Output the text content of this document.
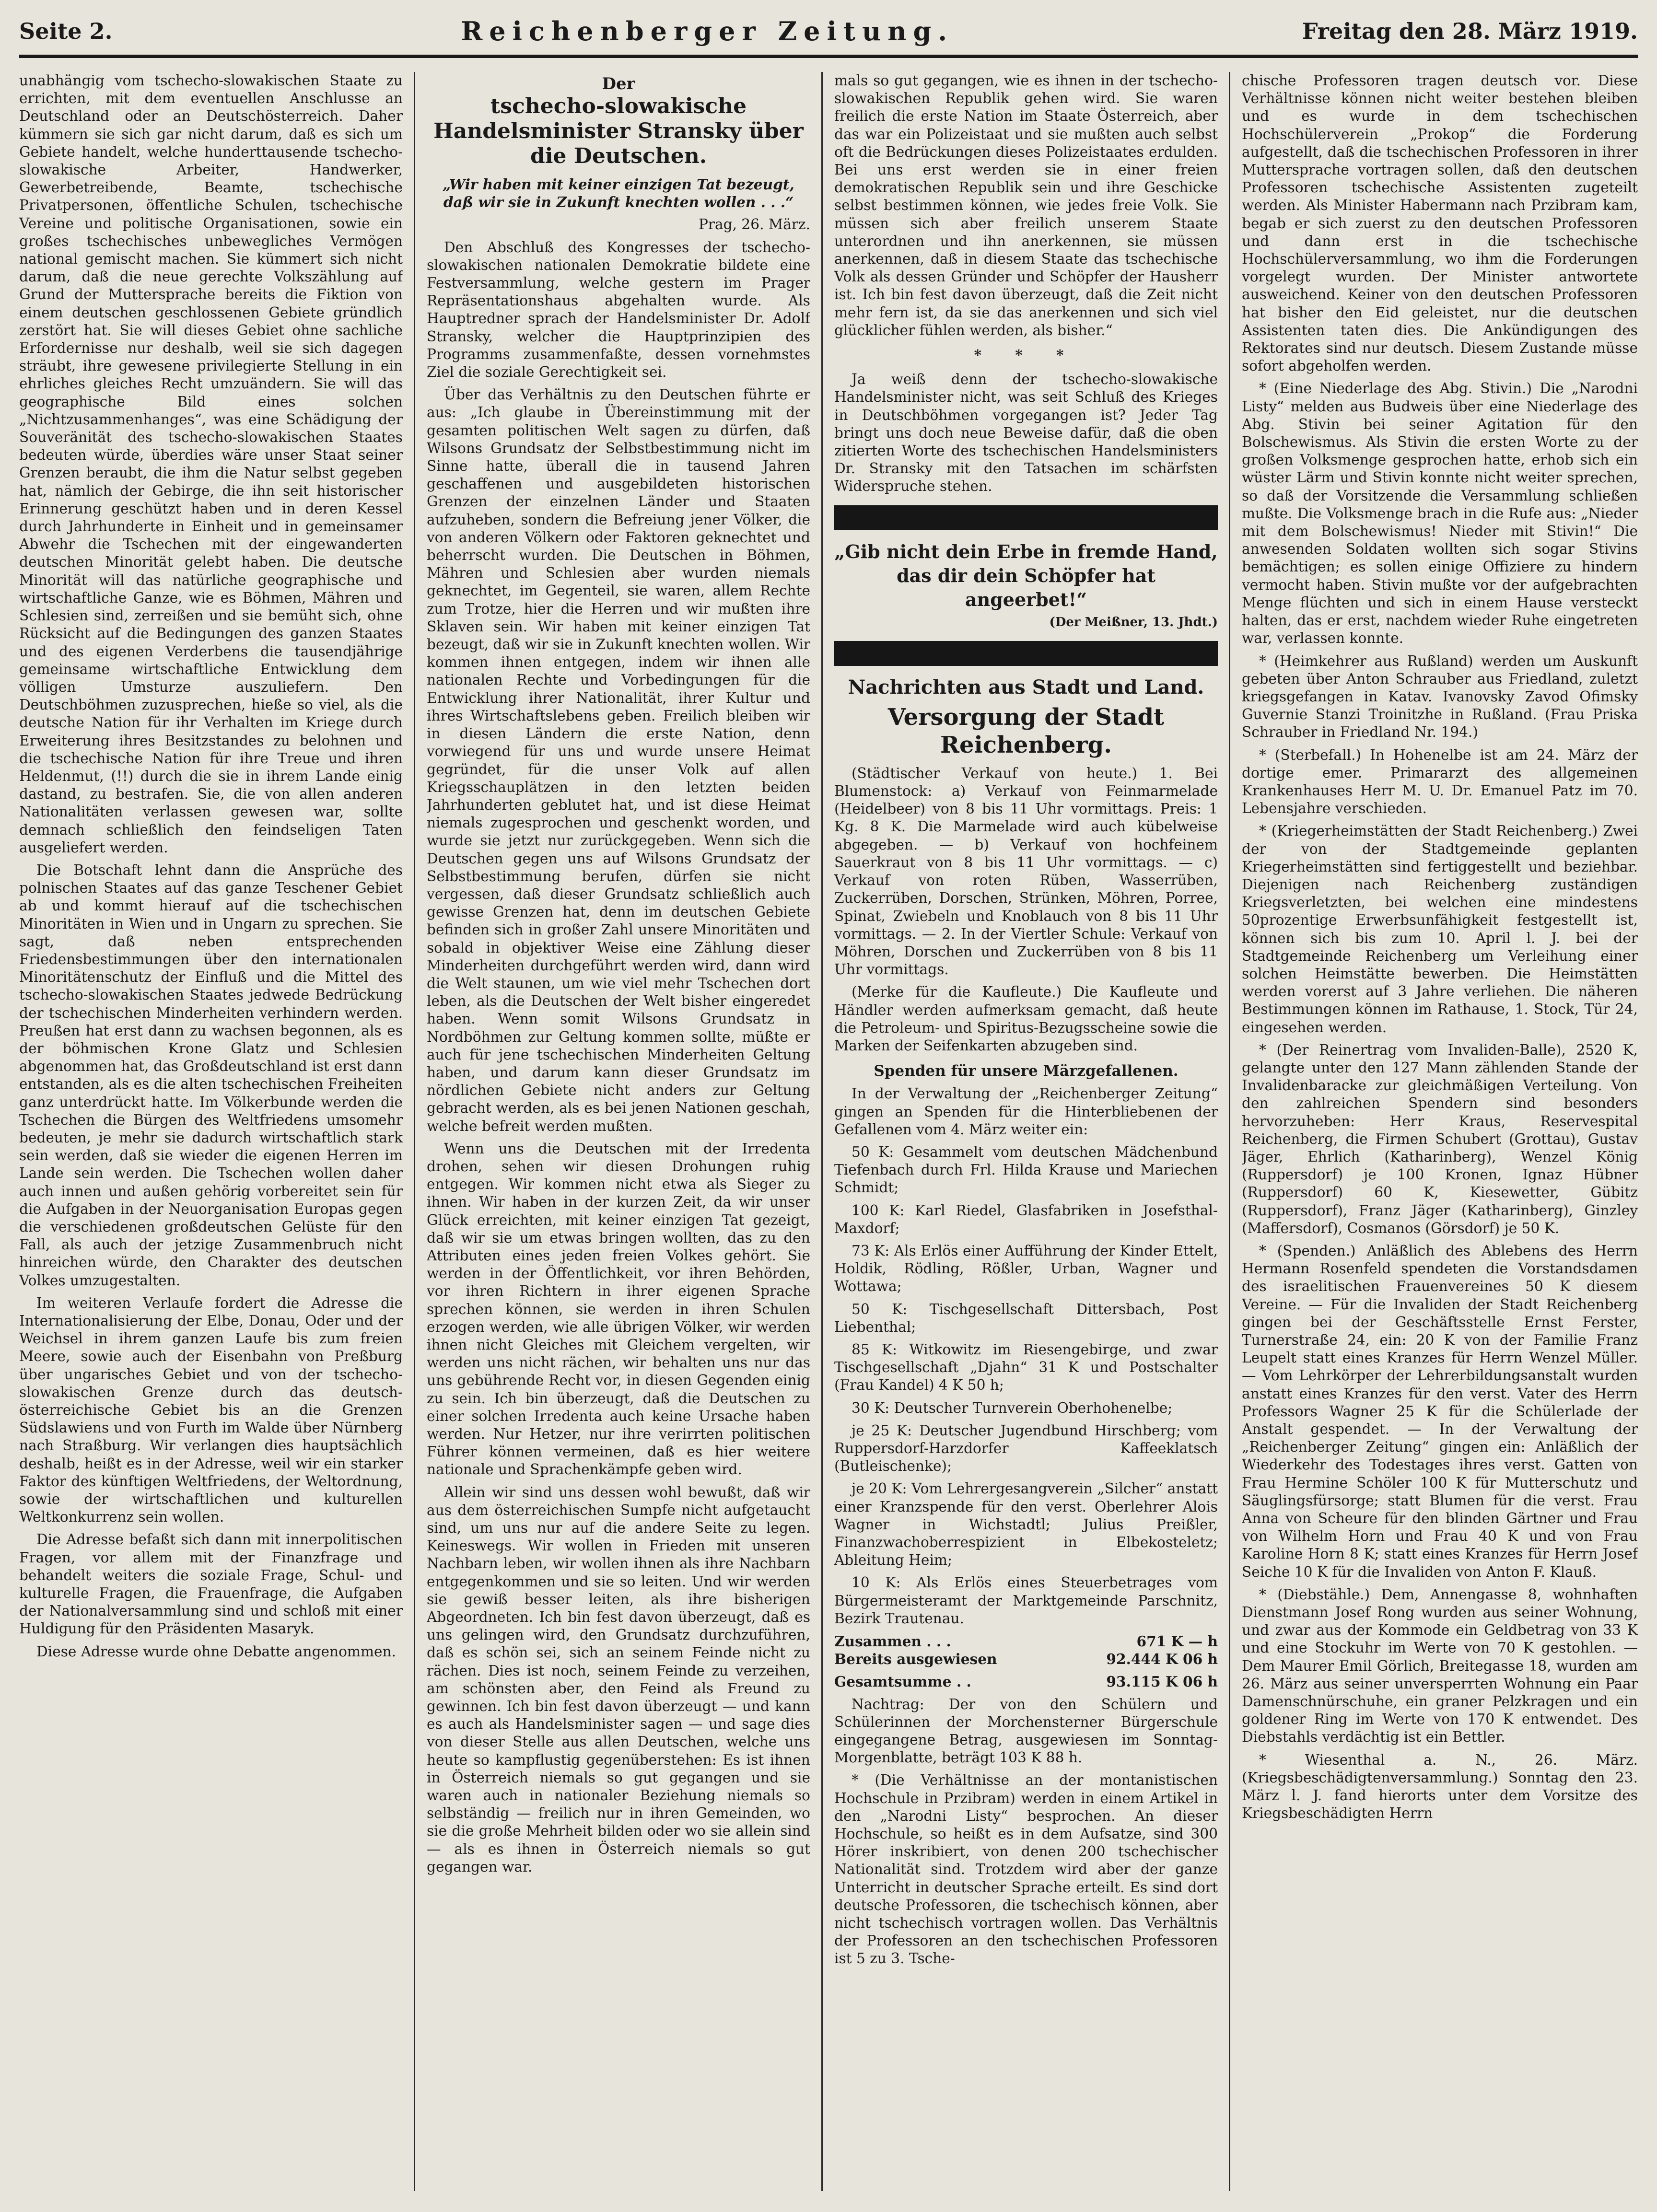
Seite 2.	Reichenberger Zeitung.	Freitag den 28. März 1919.

unabhängig vom tschecho-slowakischen Staate zu errichten, mit dem eventuellen Anschlusse an Deutschland oder an Deutschösterreich. Daher kümmern sie sich gar nicht darum, daß es sich um Gebiete handelt, welche hunderttausende tschecho-slowakische Arbeiter, Handwerker, Gewerbetreibende, Beamte, tschechische Privatpersonen, öffentliche Schulen, tschechische Vereine und politische Organisationen, sowie ein großes tschechisches unbewegliches Vermögen national gemischt machen. Sie kümmert sich nicht darum, daß die neue gerechte Volkszählung auf Grund der Muttersprache bereits die Fiktion von einem deutschen geschlossenen Gebiete gründlich zerstört hat. Sie will dieses Gebiet ohne sachliche Erfordernisse nur deshalb, weil sie sich dagegen sträubt, ihre gewesene privilegierte Stellung in ein ehrliches gleiches Recht umzuändern. Sie will das geographische Bild eines solchen „Nichtzusammenhanges“, was eine Schädigung der Souveränität des tschecho-slowakischen Staates bedeuten würde, überdies wäre unser Staat seiner Grenzen beraubt, die ihm die Natur selbst gegeben hat, nämlich der Gebirge, die ihn seit historischer Erinnerung geschützt haben und in deren Kessel durch Jahrhunderte in Einheit und in gemeinsamer Abwehr die Tschechen mit der eingewanderten deutschen Minorität gelebt haben. Die deutsche Minorität will das natürliche geographische und wirtschaftliche Ganze, wie es Böhmen, Mähren und Schlesien sind, zerreißen und sie bemüht sich, ohne Rücksicht auf die Bedingungen des ganzen Staates und des eigenen Verderbens die tausendjährige gemeinsame wirtschaftliche Entwicklung dem völligen Umsturze auszuliefern. Den Deutschböhmen zuzusprechen, hieße so viel, als die deutsche Nation für ihr Verhalten im Kriege durch Erweiterung ihres Besitzstandes zu belohnen und die tschechische Nation für ihre Treue und ihren Heldenmut, (!!) durch die sie in ihrem Lande einig dastand, zu bestrafen. Sie, die von allen anderen Nationalitäten verlassen gewesen war, sollte demnach schließlich den feindseligen Taten ausgeliefert werden.

Die Botschaft lehnt dann die Ansprüche des polnischen Staates auf das ganze Teschener Gebiet ab und kommt hierauf auf die tschechischen Minoritäten in Wien und in Ungarn zu sprechen. Sie sagt, daß neben entsprechenden Friedensbestimmungen über den internationalen Minoritätenschutz der Einfluß und die Mittel des tschecho-slowakischen Staates jedwede Bedrückung der tschechischen Minderheiten verhindern werden. Preußen hat erst dann zu wachsen begonnen, als es der böhmischen Krone Glatz und Schlesien abgenommen hat, das Großdeutschland ist erst dann entstanden, als es die alten tschechischen Freiheiten ganz unterdrückt hatte. Im Völkerbunde werden die Tschechen die Bürgen des Weltfriedens umsomehr bedeuten, je mehr sie dadurch wirtschaftlich stark sein werden, daß sie wieder die eigenen Herren im Lande sein werden. Die Tschechen wollen daher auch innen und außen gehörig vorbereitet sein für die Aufgaben in der Neuorganisation Europas gegen die verschiedenen großdeutschen Gelüste für den Fall, als auch der jetzige Zusammenbruch nicht hinreichen würde, den Charakter des deutschen Volkes umzugestalten.

Im weiteren Verlaufe fordert die Adresse die Internationalisierung der Elbe, Donau, Oder und der Weichsel in ihrem ganzen Laufe bis zum freien Meere, sowie auch der Eisenbahn von Preßburg über ungarisches Gebiet und von der tschecho-slowakischen Grenze durch das deutsch-österreichische Gebiet bis an die Grenzen Südslawiens und von Furth im Walde über Nürnberg nach Straßburg. Wir verlangen dies hauptsächlich deshalb, heißt es in der Adresse, weil wir ein starker Faktor des künftigen Weltfriedens, der Weltordnung, sowie der wirtschaftlichen und kulturellen Weltkonkurrenz sein wollen.

Die Adresse befaßt sich dann mit innerpolitischen Fragen, vor allem mit der Finanzfrage und behandelt weiters die soziale Frage, Schul- und kulturelle Fragen, die Frauenfrage, die Aufgaben der Nationalversammlung sind und schloß mit einer Huldigung für den Präsidenten Masaryk.

Diese Adresse wurde ohne Debatte angenommen.

Der
tschecho-slowakische Handelsminister Stransky über die Deutschen.

„Wir haben mit keiner einzigen Tat bezeugt, daß wir sie in Zukunft knechten wollen . . .“

Prag, 26. März.

Den Abschluß des Kongresses der tschecho-slowakischen nationalen Demokratie bildete eine Festversammlung, welche gestern im Prager Repräsentationshaus abgehalten wurde. Als Hauptredner sprach der Handelsminister Dr. Adolf Stransky, welcher die Hauptprinzipien des Programms zusammenfaßte, dessen vornehmstes Ziel die soziale Gerechtigkeit sei.

Über das Verhältnis zu den Deutschen führte er aus: „Ich glaube in Übereinstimmung mit der gesamten politischen Welt sagen zu dürfen, daß Wilsons Grundsatz der Selbstbestimmung nicht im Sinne hatte, überall die in tausend Jahren geschaffenen und ausgebildeten historischen Grenzen der einzelnen Länder und Staaten aufzuheben, sondern die Befreiung jener Völker, die von anderen Völkern oder Faktoren geknechtet und beherrscht wurden. Die Deutschen in Böhmen, Mähren und Schlesien aber wurden niemals geknechtet, im Gegenteil, sie waren, allem Rechte zum Trotze, hier die Herren und wir mußten ihre Sklaven sein. Wir haben mit keiner einzigen Tat bezeugt, daß wir sie in Zukunft knechten wollen. Wir kommen ihnen entgegen, indem wir ihnen alle nationalen Rechte und Vorbedingungen für die Entwicklung ihrer Nationalität, ihrer Kultur und ihres Wirtschaftslebens geben. Freilich bleiben wir in diesen Ländern die erste Nation, denn vorwiegend für uns und wurde unsere Heimat gegründet, für die unser Volk auf allen Kriegsschauplätzen in den letzten beiden Jahrhunderten geblutet hat, und ist diese Heimat niemals zugesprochen und geschenkt worden, und wurde sie jetzt nur zurückgegeben. Wenn sich die Deutschen gegen uns auf Wilsons Grundsatz der Selbstbestimmung berufen, dürfen sie nicht vergessen, daß dieser Grundsatz schließlich auch gewisse Grenzen hat, denn im deutschen Gebiete befinden sich in großer Zahl unsere Minoritäten und sobald in objektiver Weise eine Zählung dieser Minderheiten durchgeführt werden wird, dann wird die Welt staunen, um wie viel mehr Tschechen dort leben, als die Deutschen der Welt bisher eingeredet haben. Wenn somit Wilsons Grundsatz in Nordböhmen zur Geltung kommen sollte, müßte er auch für jene tschechischen Minderheiten Geltung haben, und darum kann dieser Grundsatz im nördlichen Gebiete nicht anders zur Geltung gebracht werden, als es bei jenen Nationen geschah, welche befreit werden mußten.

Wenn uns die Deutschen mit der Irredenta drohen, sehen wir diesen Drohungen ruhig entgegen. Wir kommen nicht etwa als Sieger zu ihnen. Wir haben in der kurzen Zeit, da wir unser Glück erreichten, mit keiner einzigen Tat gezeigt, daß wir sie um etwas bringen wollten, das zu den Attributen eines jeden freien Volkes gehört. Sie werden in der Öffentlichkeit, vor ihren Behörden, vor ihren Richtern in ihrer eigenen Sprache sprechen können, sie werden in ihren Schulen erzogen werden, wie alle übrigen Völker, wir werden ihnen nicht Gleiches mit Gleichem vergelten, wir werden uns nicht rächen, wir behalten uns nur das uns gebührende Recht vor, in diesen Gegenden einig zu sein. Ich bin überzeugt, daß die Deutschen zu einer solchen Irredenta auch keine Ursache haben werden. Nur Hetzer, nur ihre verirrten politischen Führer können vermeinen, daß es hier weitere nationale und Sprachenkämpfe geben wird.

Allein wir sind uns dessen wohl bewußt, daß wir aus dem österreichischen Sumpfe nicht aufgetaucht sind, um uns nur auf die andere Seite zu legen. Keineswegs. Wir wollen in Frieden mit unseren Nachbarn leben, wir wollen ihnen als ihre Nachbarn entgegenkommen und sie so leiten. Und wir werden sie gewiß besser leiten, als ihre bisherigen Abgeordneten. Ich bin fest davon überzeugt, daß es uns gelingen wird, den Grundsatz durchzuführen, daß es schön sei, sich an seinem Feinde nicht zu rächen. Dies ist noch, seinem Feinde zu verzeihen, am schönsten aber, den Feind als Freund zu gewinnen. Ich bin fest davon überzeugt — und kann es auch als Handelsminister sagen — und sage dies von dieser Stelle aus allen Deutschen, welche uns heute so kampflustig gegenüberstehen: Es ist ihnen in Österreich niemals so gut gegangen und sie waren auch in nationaler Beziehung niemals so selbständig — freilich nur in ihren Gemeinden, wo sie die große Mehrheit bilden oder wo sie allein sind — als es ihnen in Österreich niemals so gut gegangen war.

mals so gut gegangen, wie es ihnen in der tschecho-slowakischen Republik gehen wird. Sie waren freilich die erste Nation im Staate Österreich, aber das war ein Polizeistaat und sie mußten auch selbst oft die Bedrückungen dieses Polizeistaates erdulden. Bei uns erst werden sie in einer freien demokratischen Republik sein und ihre Geschicke selbst bestimmen können, wie jedes freie Volk. Sie müssen sich aber freilich unserem Staate unterordnen und ihn anerkennen, sie müssen anerkennen, daß in diesem Staate das tschechische Volk als dessen Gründer und Schöpfer der Hausherr ist. Ich bin fest davon überzeugt, daß die Zeit nicht mehr fern ist, da sie das anerkennen und sich viel glücklicher fühlen werden, als bisher.“

* * *

Ja weiß denn der tschecho-slowakische Handelsminister nicht, was seit Schluß des Krieges in Deutschböhmen vorgegangen ist? Jeder Tag bringt uns doch neue Beweise dafür, daß die oben zitierten Worte des tschechischen Handelsministers Dr. Stransky mit den Tatsachen im schärfsten Widerspruche stehen.

„Gib nicht dein Erbe in fremde Hand, das dir dein Schöpfer hat angeerbet!“

(Der Meißner, 13. Jhdt.)

Nachrichten aus Stadt und Land.

Versorgung der Stadt Reichenberg.

(Städtischer Verkauf von heute.) 1. Bei Blumenstock: a) Verkauf von Feinmarmelade (Heidelbeer) von 8 bis 11 Uhr vormittags. Preis: 1 Kg. 8 K. Die Marmelade wird auch kübelweise abgegeben. — b) Verkauf von hochfeinem Sauerkraut von 8 bis 11 Uhr vormittags. — c) Verkauf von roten Rüben, Wasserrüben, Zuckerrüben, Dorschen, Strünken, Möhren, Porree, Spinat, Zwiebeln und Knoblauch von 8 bis 11 Uhr vormittags. — 2. In der Viertler Schule: Verkauf von Möhren, Dorschen und Zuckerrüben von 8 bis 11 Uhr vormittags.

(Merke für die Kaufleute.) Die Kaufleute und Händler werden aufmerksam gemacht, daß heute die Petroleum- und Spiritus-Bezugsscheine sowie die Marken der Seifenkarten abzugeben sind.

Spenden für unsere Märzgefallenen.

In der Verwaltung der „Reichenberger Zeitung“ gingen an Spenden für die Hinterbliebenen der Gefallenen vom 4. März weiter ein:

50 K: Gesammelt vom deutschen Mädchenbund Tiefenbach durch Frl. Hilda Krause und Mariechen Schmidt;

100 K: Karl Riedel, Glasfabriken in Josefsthal-Maxdorf;

73 K: Als Erlös einer Aufführung der Kinder Ettelt, Holdik, Rödling, Rößler, Urban, Wagner und Wottawa;

50 K: Tischgesellschaft Dittersbach, Post Liebenthal;

85 K: Witkowitz im Riesengebirge, und zwar Tischgesellschaft „Djahn“ 31 K und Postschalter (Frau Kandel) 4 K 50 h;

30 K: Deutscher Turnverein Oberhohenelbe;

je 25 K: Deutscher Jugendbund Hirschberg; vom Ruppersdorf-Harzdorfer Kaffeeklatsch (Butleischenke);

je 20 K: Vom Lehrergesangverein „Silcher“ anstatt einer Kranzspende für den verst. Oberlehrer Alois Wagner in Wichstadtl; Julius Preißler, Finanzwachoberrespizient in Elbekosteletz; Ableitung Heim;

10 K: Als Erlös eines Steuerbetrages vom Bürgermeisteramt der Marktgemeinde Parschnitz, Bezirk Trautenau.

Zusammen . . .	671 K — h
Bereits ausgewiesen	92.444 K 06 h
Gesamtsumme . .	93.115 K 06 h

Nachtrag: Der von den Schülern und Schülerinnen der Morchensterner Bürgerschule eingegangene Betrag, ausgewiesen im Sonntag-Morgenblatte, beträgt 103 K 88 h.

* (Die Verhältnisse an der montanistischen Hochschule in Przibram) werden in einem Artikel in den „Narodni Listy“ besprochen. An dieser Hochschule, so heißt es in dem Aufsatze, sind 300 Hörer inskribiert, von denen 200 tschechischer Nationalität sind. Trotzdem wird aber der ganze Unterricht in deutscher Sprache erteilt. Es sind dort deutsche Professoren, die tschechisch können, aber nicht tschechisch vortragen wollen. Das Verhältnis der Professoren an den tschechischen Professoren ist 5 zu 3. Tsche-

chische Professoren tragen deutsch vor. Diese Verhältnisse können nicht weiter bestehen bleiben und es wurde in dem tschechischen Hochschülerverein „Prokop“ die Forderung aufgestellt, daß die tschechischen Professoren in ihrer Muttersprache vortragen sollen, daß den deutschen Professoren tschechische Assistenten zugeteilt werden. Als Minister Habermann nach Przibram kam, begab er sich zuerst zu den deutschen Professoren und dann erst in die tschechische Hochschülerversammlung, wo ihm die Forderungen vorgelegt wurden. Der Minister antwortete ausweichend. Keiner von den deutschen Professoren hat bisher den Eid geleistet, nur die deutschen Assistenten taten dies. Die Ankündigungen des Rektorates sind nur deutsch. Diesem Zustande müsse sofort abgeholfen werden.

* (Eine Niederlage des Abg. Stivin.) Die „Narodni Listy“ melden aus Budweis über eine Niederlage des Abg. Stivin bei seiner Agitation für den Bolschewismus. Als Stivin die ersten Worte zu der großen Volksmenge gesprochen hatte, erhob sich ein wüster Lärm und Stivin konnte nicht weiter sprechen, so daß der Vorsitzende die Versammlung schließen mußte. Die Volksmenge brach in die Rufe aus: „Nieder mit dem Bolschewismus! Nieder mit Stivin!“ Die anwesenden Soldaten wollten sich sogar Stivins bemächtigen; es sollen einige Offiziere zu hindern vermocht haben. Stivin mußte vor der aufgebrachten Menge flüchten und sich in einem Hause versteckt halten, das er erst, nachdem wieder Ruhe eingetreten war, verlassen konnte.

* (Heimkehrer aus Rußland) werden um Auskunft gebeten über Anton Schrauber aus Friedland, zuletzt kriegsgefangen in Katav. Ivanovsky Zavod Ofimsky Guvernie Stanzi Troinitzhe in Rußland. (Frau Priska Schrauber in Friedland Nr. 194.)

* (Sterbefall.) In Hohenelbe ist am 24. März der dortige emer. Primararzt des allgemeinen Krankenhauses Herr M. U. Dr. Emanuel Patz im 70. Lebensjahre verschieden.

* (Kriegerheimstätten der Stadt Reichenberg.) Zwei der von der Stadtgemeinde geplanten Kriegerheimstätten sind fertiggestellt und beziehbar. Diejenigen nach Reichenberg zuständigen Kriegsverletzten, bei welchen eine mindestens 50prozentige Erwerbsunfähigkeit festgestellt ist, können sich bis zum 10. April l. J. bei der Stadtgemeinde Reichenberg um Verleihung einer solchen Heimstätte bewerben. Die Heimstätten werden vorerst auf 3 Jahre verliehen. Die näheren Bestimmungen können im Rathause, 1. Stock, Tür 24, eingesehen werden.

* (Der Reinertrag vom Invaliden-Balle), 2520 K, gelangte unter den 127 Mann zählenden Stande der Invalidenbaracke zur gleichmäßigen Verteilung. Von den zahlreichen Spendern sind besonders hervorzuheben: Herr Kraus, Reservespital Reichenberg, die Firmen Schubert (Grottau), Gustav Jäger, Ehrlich (Katharinberg), Wenzel König (Ruppersdorf) je 100 Kronen, Ignaz Hübner (Ruppersdorf) 60 K, Kiesewetter, Gübitz (Ruppersdorf), Franz Jäger (Katharinberg), Ginzley (Maffersdorf), Cosmanos (Görsdorf) je 50 K.

* (Spenden.) Anläßlich des Ablebens des Herrn Hermann Rosenfeld spendeten die Vorstandsdamen des israelitischen Frauenvereines 50 K diesem Vereine. — Für die Invaliden der Stadt Reichenberg gingen bei der Geschäftsstelle Ernst Ferster, Turnerstraße 24, ein: 20 K von der Familie Franz Leupelt statt eines Kranzes für Herrn Wenzel Müller. — Vom Lehrkörper der Lehrerbildungsanstalt wurden anstatt eines Kranzes für den verst. Vater des Herrn Professors Wagner 25 K für die Schülerlade der Anstalt gespendet. — In der Verwaltung der „Reichenberger Zeitung“ gingen ein: Anläßlich der Wiederkehr des Todestages ihres verst. Gatten von Frau Hermine Schöler 100 K für Mutterschutz und Säuglingsfürsorge; statt Blumen für die verst. Frau Anna von Scheure für den blinden Gärtner und Frau von Wilhelm Horn und Frau 40 K und von Frau Karoline Horn 8 K; statt eines Kranzes für Herrn Josef Seiche 10 K für die Invaliden von Anton F. Klauß.

* (Diebstähle.) Dem, Annengasse 8, wohnhaften Dienstmann Josef Rong wurden aus seiner Wohnung, und zwar aus der Kommode ein Geldbetrag von 33 K und eine Stockuhr im Werte von 70 K gestohlen. — Dem Maurer Emil Görlich, Breitegasse 18, wurden am 26. März aus seiner unversperrten Wohnung ein Paar Damenschnürschuhe, ein graner Pelzkragen und ein goldener Ring im Werte von 170 K entwendet. Des Diebstahls verdächtig ist ein Bettler.

* Wiesenthal a. N., 26. März. (Kriegsbeschädigtenversammlung.) Sonntag den 23. März l. J. fand hierorts unter dem Vorsitze des Kriegsbeschädigten Herrn
